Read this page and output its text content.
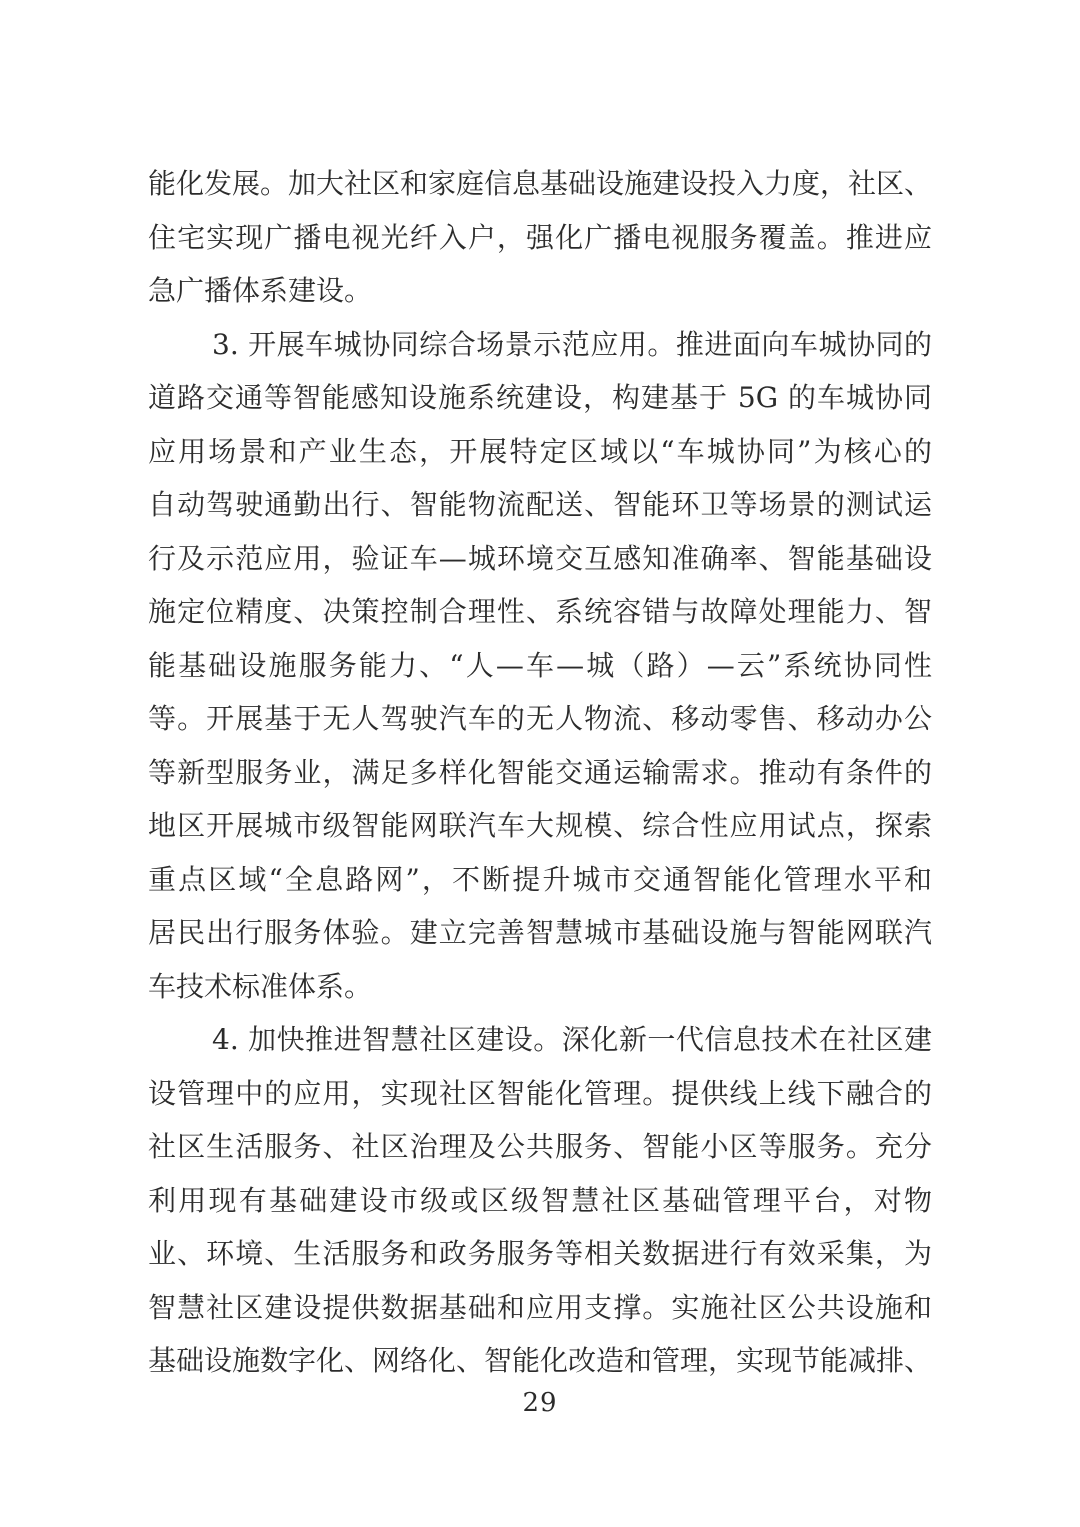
能化发展。加大社区和家庭信息基础设施建设投入力度，社区、
住宅实现广播电视光纤入户，强化广播电视服务覆盖。推进应
急广播体系建设。
3. 开展车城协同综合场景示范应用。推进面向车城协同的
道路交通等智能感知设施系统建设，构建基于 5G 的车城协同
应用场景和产业生态，开展特定区域以“车城协同”为核心的
自动驾驶通勤出行、智能物流配送、智能环卫等场景的测试运
行及示范应用，验证车—城环境交互感知准确率、智能基础设
施定位精度、决策控制合理性、系统容错与故障处理能力、智
能基础设施服务能力、“人—车—城（路）—云”系统协同性
等。开展基于无人驾驶汽车的无人物流、移动零售、移动办公
等新型服务业，满足多样化智能交通运输需求。推动有条件的
地区开展城市级智能网联汽车大规模、综合性应用试点，探索
重点区域“全息路网”，不断提升城市交通智能化管理水平和
居民出行服务体验。建立完善智慧城市基础设施与智能网联汽
车技术标准体系。
4. 加快推进智慧社区建设。深化新一代信息技术在社区建
设管理中的应用，实现社区智能化管理。提供线上线下融合的
社区生活服务、社区治理及公共服务、智能小区等服务。充分
利用现有基础建设市级或区级智慧社区基础管理平台，对物
业、环境、生活服务和政务服务等相关数据进行有效采集，为
智慧社区建设提供数据基础和应用支撑。实施社区公共设施和
基础设施数字化、网络化、智能化改造和管理，实现节能减排、
29
